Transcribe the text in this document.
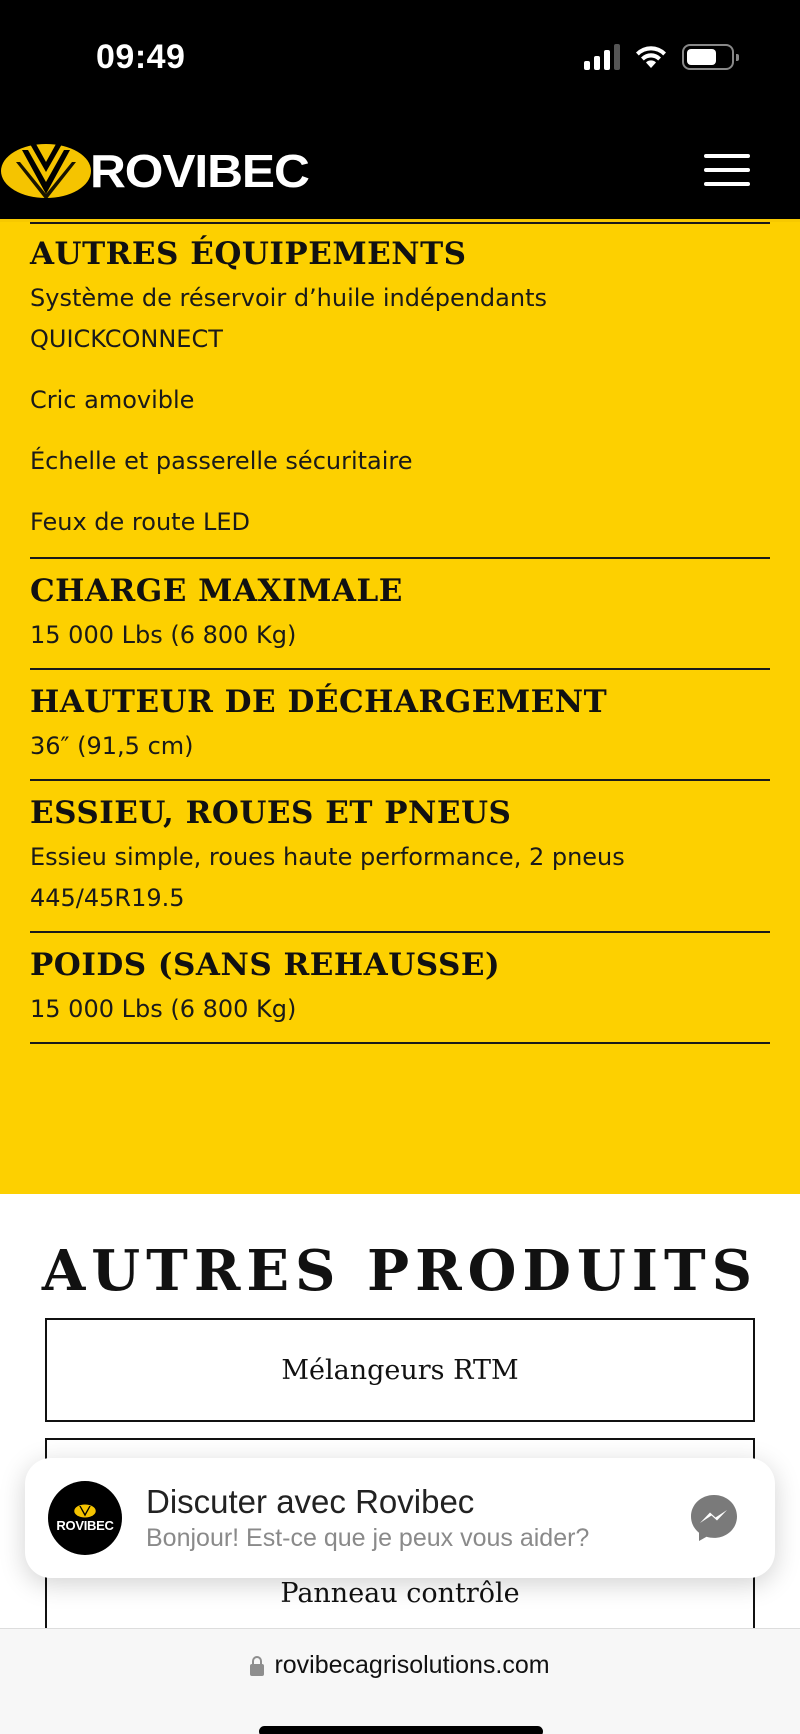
09:49
ROVIBEC
AUTRES ÉQUIPEMENTS
Système de réservoir d’huile indépendants
QUICKCONNECT
Cric amovible
Échelle et passerelle sécuritaire
Feux de route LED
CHARGE MAXIMALE
15 000 Lbs (6 800 Kg)
HAUTEUR DE DÉCHARGEMENT
36″ (91,5 cm)
ESSIEU, ROUES ET PNEUS
Essieu simple, roues haute performance, 2 pneus
445/45R19.5
POIDS (SANS REHAUSSE)
15 000 Lbs (6 800 Kg)
AUTRES PRODUITS
Mélangeurs RTM
Panneau contrôle
ROVIBEC
Discuter avec Rovibec
Bonjour! Est-ce que je peux vous aider?
rovibecagrisolutions.com
